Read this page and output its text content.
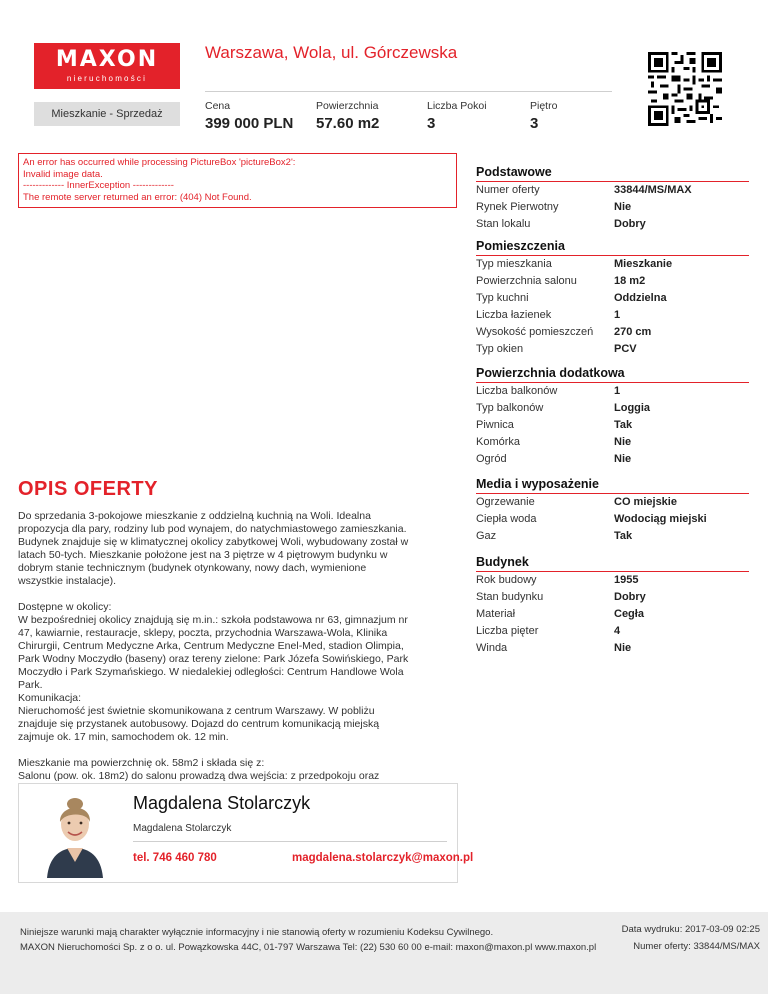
MAXON
nieruchomości
Warszawa, Wola, ul. Górczewska
Mieszkanie - Sprzedaż
Cena
399 000 PLN
Powierzchnia
57.60 m2
Liczba Pokoi
3
Piętro
3
An error has occurred while processing PictureBox 'pictureBox2':
Invalid image data.
------------- InnerException -------------
The remote server returned an error: (404) Not Found.
Podstawowe
Numer oferty	33844/MS/MAX
Rynek Pierwotny	Nie
Stan lokalu	Dobry
Pomieszczenia
Typ mieszkania	Mieszkanie
Powierzchnia salonu	18 m2
Typ kuchni	Oddzielna
Liczba łazienek	1
Wysokość pomieszczeń	270 cm
Typ okien	PCV
Powierzchnia dodatkowa
Liczba balkonów	1
Typ balkonów	Loggia
Piwnica	Tak
Komórka	Nie
Ogród	Nie
Media i wyposażenie
Ogrzewanie	CO miejskie
Ciepła woda	Wodociąg miejski
Gaz	Tak
Budynek
Rok budowy	1955
Stan budynku	Dobry
Materiał	Cegła
Liczba pięter	4
Winda	Nie
OPIS OFERTY

Do sprzedania 3-pokojowe mieszkanie z oddzielną kuchnią na Woli. Idealna
propozycja dla pary, rodziny lub pod wynajem, do natychmiastowego zamieszkania.
Budynek znajduje się w klimatycznej okolicy zabytkowej Woli, wybudowany został w
latach 50-tych. Mieszkanie położone jest na 3 piętrze w 4 piętrowym budynku w
dobrym stanie technicznym (budynek otynkowany, nowy dach, wymienione
wszystkie instalacje).

Dostępne w okolicy:
W bezpośredniej okolicy znajdują się m.in.: szkoła podstawowa nr 63, gimnazjum nr
47, kawiarnie, restauracje, sklepy, poczta, przychodnia Warszawa-Wola, Klinika
Chirurgii, Centrum Medyczne Arka, Centrum Medyczne Enel-Med, stadion Olimpia,
Park Wodny Moczydło (baseny) oraz tereny zielone: Park Józefa Sowińskiego, Park
Moczydło i Park Szymańskiego. W niedalekiej odległości: Centrum Handlowe Wola
Park.
Komunikacja:
Nieruchomość jest świetnie skomunikowana z centrum Warszawy. W pobliżu
znajduje się przystanek autobusowy. Dojazd do centrum komunikacją miejską
zajmuje ok. 17 min, samochodem ok. 12 min.

Mieszkanie ma powierzchnię ok. 58m2 i składa się z:
Salonu (pow. ok. 18m2) do salonu prowadzą dwa wejścia: z przedpokoju oraz

Magdalena Stolarczyk
Magdalena Stolarczyk
tel. 746 460 780	magdalena.stolarczyk@maxon.pl
Niniejsze warunki mają charakter wyłącznie informacyjny i nie stanowią oferty w rozumieniu Kodeksu Cywilnego.
MAXON Nieruchomości Sp. z o o. ul. Powązkowska 44C, 01-797 Warszawa Tel: (22) 530 60 00 e-mail: maxon@maxon.pl www.maxon.pl
Data wydruku: 2017-03-09 02:25
Numer oferty: 33844/MS/MAX
